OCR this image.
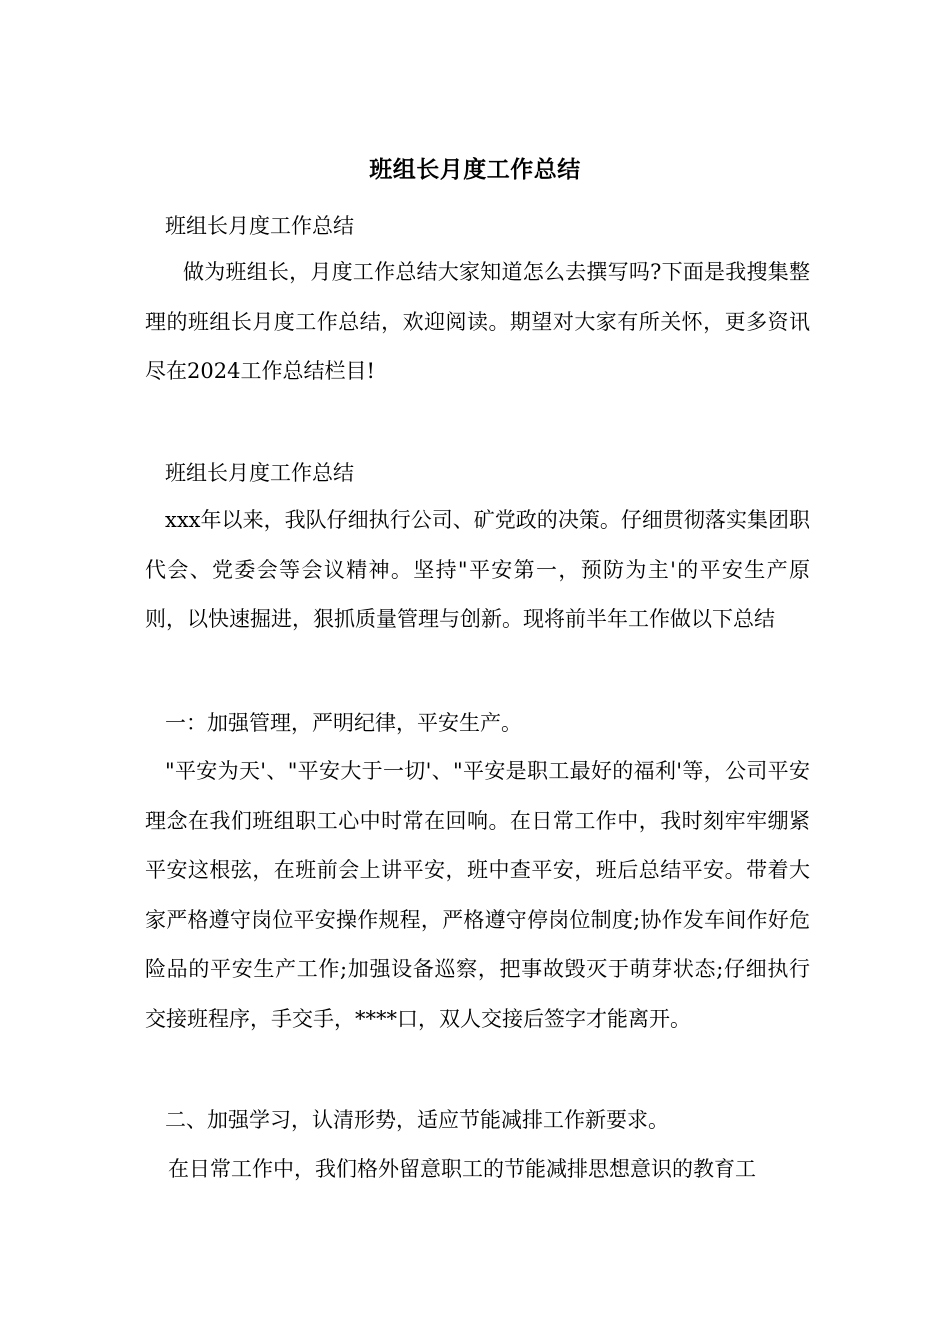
班组长月度工作总结
班组长月度工作总结
做为班组长，月度工作总结大家知道怎么去撰写吗?下面是我搜集整理的班组长月度工作总结，欢迎阅读。期望对大家有所关怀，更多资讯尽在2024工作总结栏目!
班组长月度工作总结
xxx年以来，我队仔细执行公司、矿党政的决策。仔细贯彻落实集团职代会、党委会等会议精神。坚持"平安第一，预防为主'的平安生产原则，以快速掘进，狠抓质量管理与创新。现将前半年工作做以下总结
一：加强管理，严明纪律，平安生产。
"平安为天'、"平安大于一切'、"平安是职工最好的福利'等，公司平安理念在我们班组职工心中时常在回响。在日常工作中，我时刻牢牢绷紧平安这根弦，在班前会上讲平安，班中查平安，班后总结平安。带着大家严格遵守岗位平安操作规程，严格遵守停岗位制度;协作发车间作好危险品的平安生产工作;加强设备巡察，把事故毁灭于萌芽状态;仔细执行交接班程序，手交手，****口，双人交接后签字才能离开。
二、加强学习，认清形势，适应节能减排工作新要求。
在日常工作中，我们格外留意职工的节能减排思想意识的教育工
